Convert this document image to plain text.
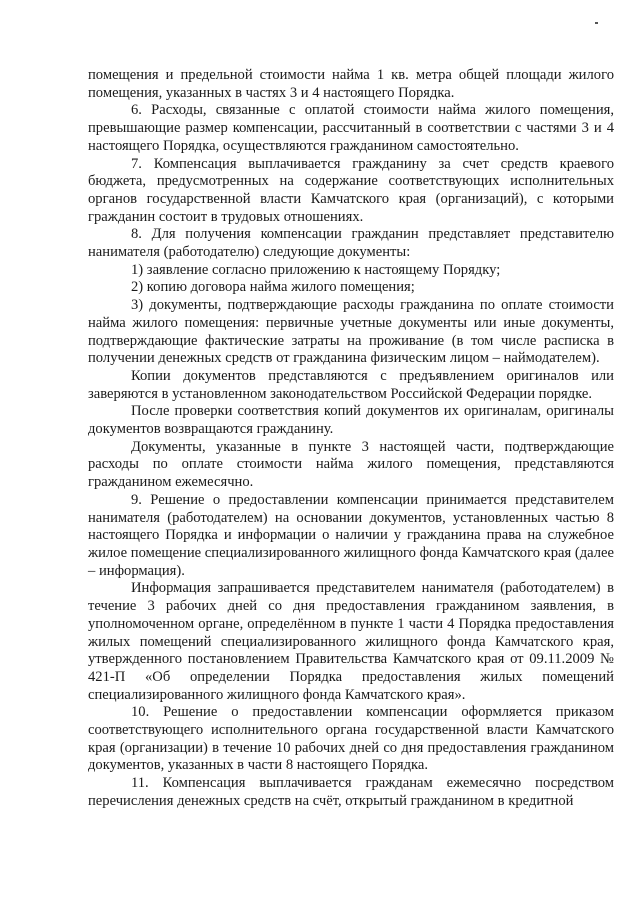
помещения и предельной стоимости найма 1 кв. метра общей площади жилого помещения, указанных в частях 3 и 4 настоящего Порядка.

6. Расходы, связанные с оплатой стоимости найма жилого помещения, превышающие размер компенсации, рассчитанный в соответствии с частями 3 и 4 настоящего Порядка, осуществляются гражданином самостоятельно.

7. Компенсация выплачивается гражданину за счет средств краевого бюджета, предусмотренных на содержание соответствующих исполнительных органов государственной власти Камчатского края (организаций), с которыми гражданин состоит в трудовых отношениях.

8. Для получения компенсации гражданин представляет представителю нанимателя (работодателю) следующие документы:

1) заявление согласно приложению к настоящему Порядку;

2) копию договора найма жилого помещения;

3) документы, подтверждающие расходы гражданина по оплате стоимости найма жилого помещения: первичные учетные документы или иные документы, подтверждающие фактические затраты на проживание (в том числе расписка в получении денежных средств от гражданина физическим лицом – наймодателем).

Копии документов представляются с предъявлением оригиналов или заверяются в установленном законодательством Российской Федерации порядке.

После проверки соответствия копий документов их оригиналам, оригиналы документов возвращаются гражданину.

Документы, указанные в пункте 3 настоящей части, подтверждающие расходы по оплате стоимости найма жилого помещения, представляются гражданином ежемесячно.

9. Решение о предоставлении компенсации принимается представителем нанимателя (работодателем) на основании документов, установленных частью 8 настоящего Порядка и информации о наличии у гражданина права на служебное жилое помещение специализированного жилищного фонда Камчатского края (далее – информация).

Информация запрашивается представителем нанимателя (работодателем) в течение 3 рабочих дней со дня предоставления гражданином заявления, в уполномоченном органе, определённом в пункте 1 части 4 Порядка предоставления жилых помещений специализированного жилищного фонда Камчатского края, утвержденного постановлением Правительства Камчатского края от 09.11.2009 № 421-П «Об определении Порядка предоставления жилых помещений специализированного жилищного фонда Камчатского края».

10. Решение о предоставлении компенсации оформляется приказом соответствующего исполнительного органа государственной власти Камчатского края (организации) в течение 10 рабочих дней со дня предоставления гражданином документов, указанных в части 8 настоящего Порядка.

11. Компенсация выплачивается гражданам ежемесячно посредством перечисления денежных средств на счёт, открытый гражданином в кредитной
